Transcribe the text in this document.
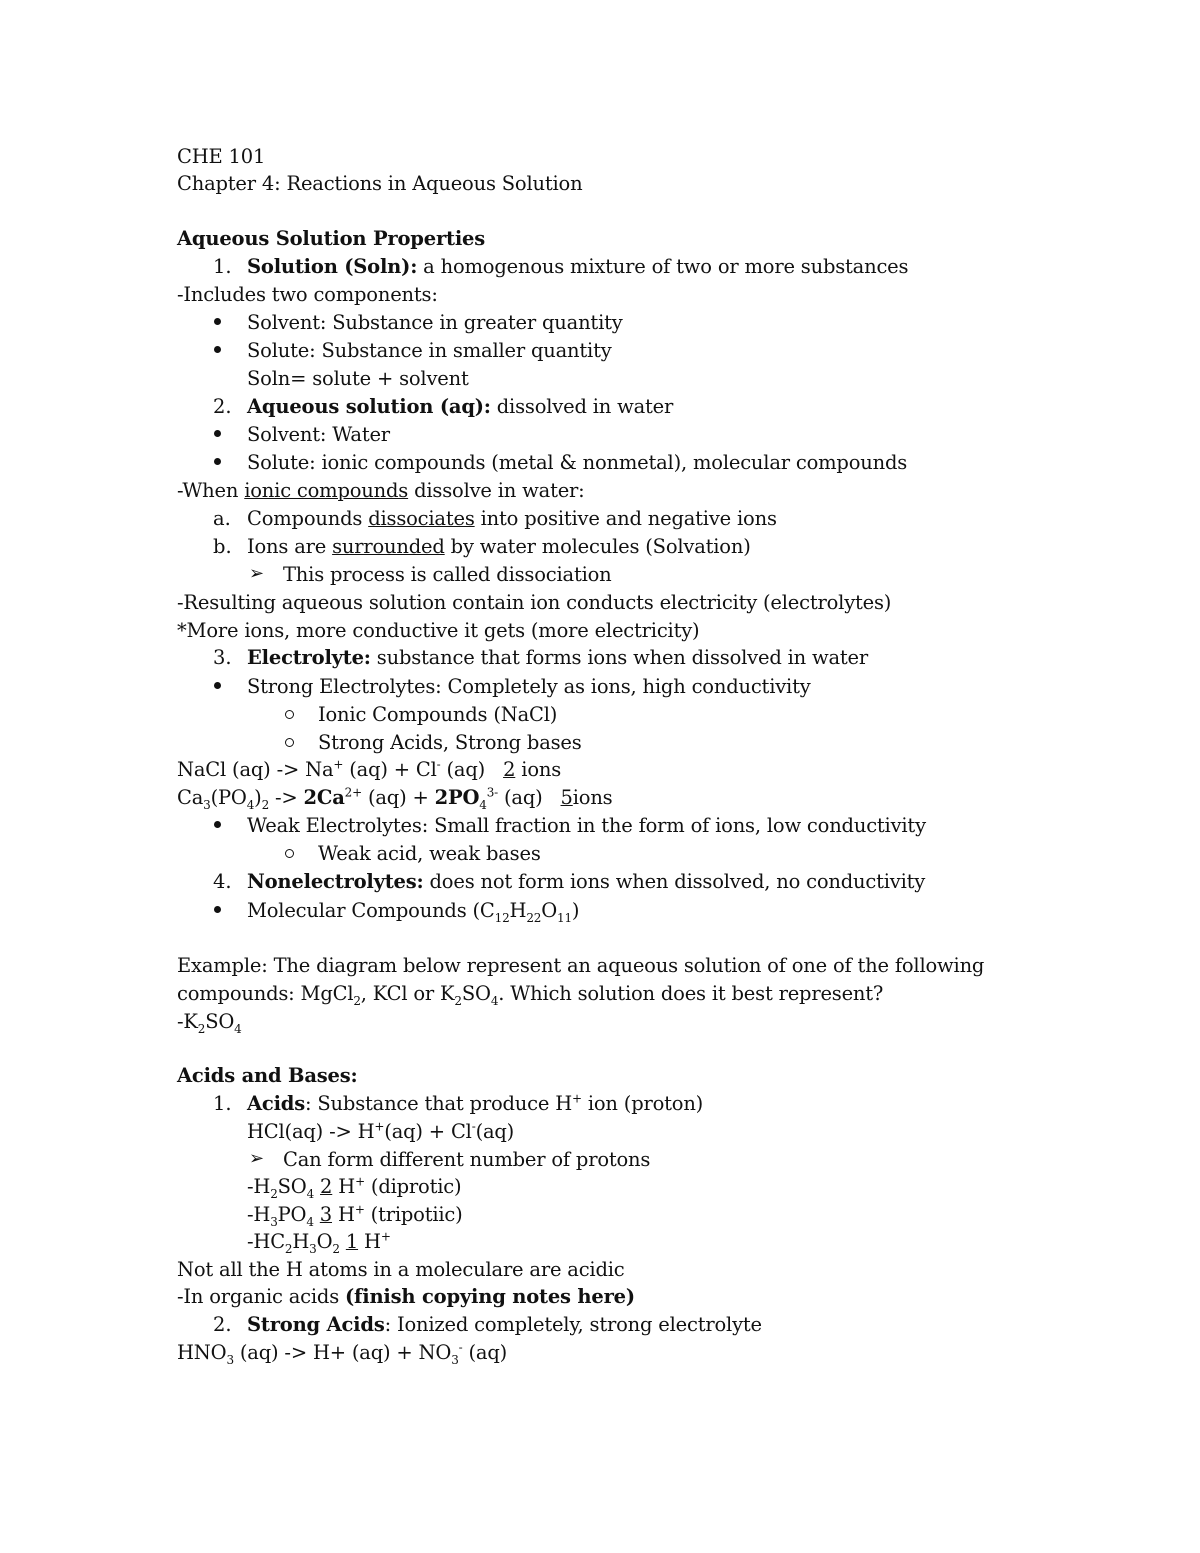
CHE 101
Chapter 4: Reactions in Aqueous Solution
Aqueous Solution Properties
1. Solution (Soln): a homogenous mixture of two or more substances
-Includes two components:
Solvent: Substance in greater quantity
Solute: Substance in smaller quantity
Soln= solute + solvent
2. Aqueous solution (aq): dissolved in water
Solvent: Water
Solute: ionic compounds (metal & nonmetal), molecular compounds
-When ionic compounds dissolve in water:
a. Compounds dissociates into positive and negative ions
b. Ions are surrounded by water molecules (Solvation)
➢ This process is called dissociation
-Resulting aqueous solution contain ion conducts electricity (electrolytes)
*More ions, more conductive it gets (more electricity)
3. Electrolyte: substance that forms ions when dissolved in water
Strong Electrolytes: Completely as ions, high conductivity
Ionic Compounds (NaCl)
Strong Acids, Strong bases
NaCl (aq) -> Na+ (aq) + Cl- (aq)   2 ions
$Ca_3(PO_4)_2 -> 2Ca^{2+}$ $(aq) + 2PO_4^{3-}$ (aq)   5ions
Weak Electrolytes: Small fraction in the form of ions, low conductivity
Weak acid, weak bases
4. Nonelectrolytes: does not form ions when dissolved, no conductivity
Molecular Compounds $(C_{12}H_{22}O_{11})$
Example: The diagram below represent an aqueous solution of one of the following
compounds: MgCl$_2$, KCl or $K_2SO_4$. Which solution does it best represent?
$-K_2SO_4$
Acids and Bases:
1. Acids: Substance that produce H+ ion (proton)
HCl(aq) -> H+(aq) + Cl-(aq)
➢ Can form different number of protons
$-H_2SO_4$ 2 H+ (diprotic)
$-H_3PO_4$ 3 H+ (tripotiic)
$-HC_2H_3O_2$ 1 H+
Not all the H atoms in a moleculare are acidic
-In organic acids (finish copying notes here)
2. Strong Acids: Ionized completely, strong electrolyte
$HNO_3$ $(aq) -> H+ (aq) + NO_3^-$ (aq)
